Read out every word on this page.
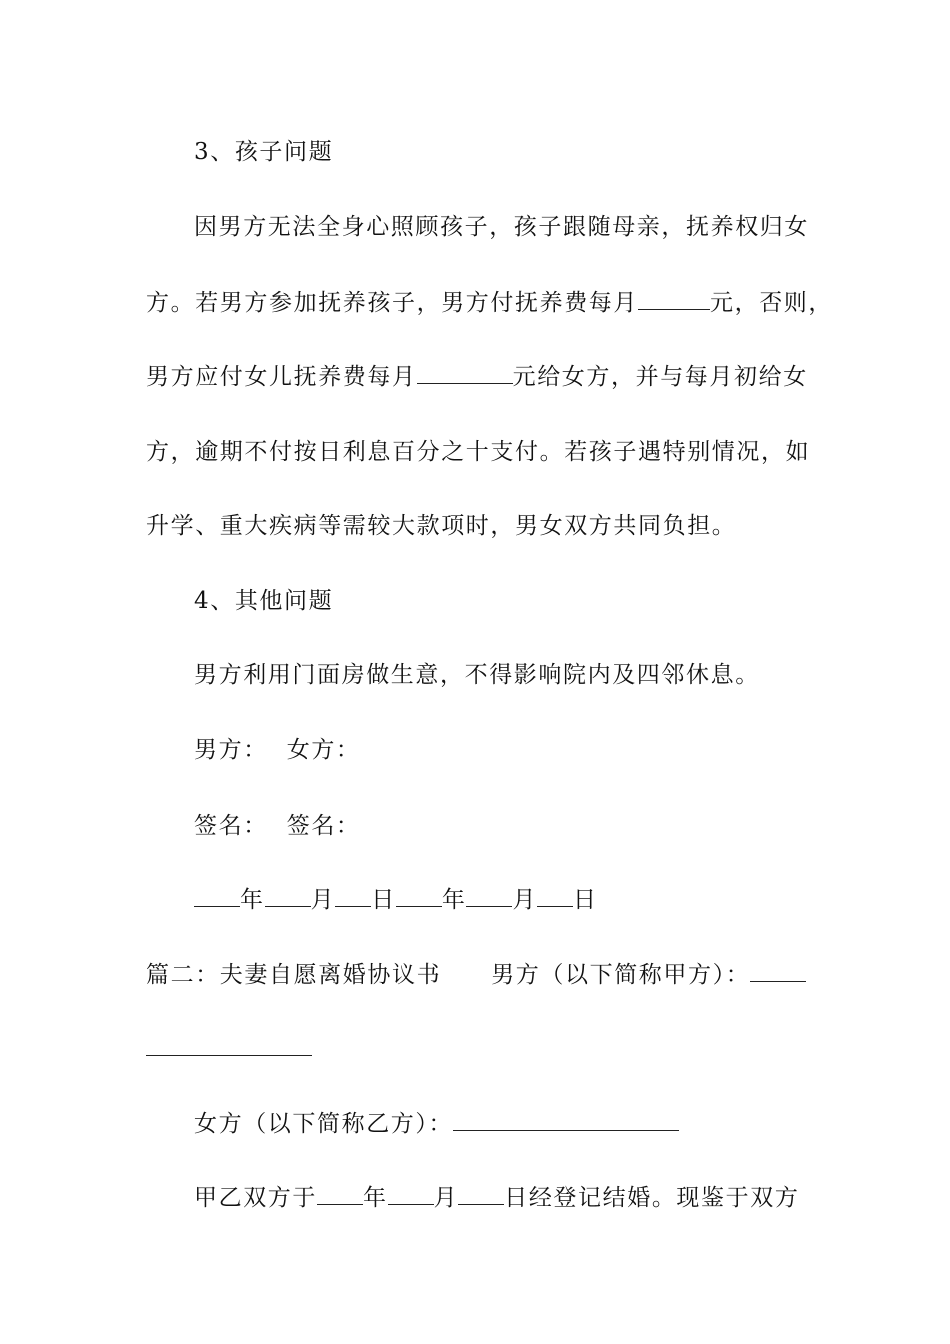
3、孩子问题
因男方无法全身心照顾孩子，孩子跟随母亲，抚养权归女
方。若男方参加抚养孩子，男方付抚养费每月	元，否则，
男方应付女儿抚养费每月	元给女方，并与每月初给女
方，逾期不付按日利息百分之十支付。若孩子遇特别情况，如
升学、重大疾病等需较大款项时，男女双方共同负担。
4、其他问题
男方利用门面房做生意，不得影响院内及四邻休息。
男方： 女方：
签名： 签名：
年 月 日 年 月 日
篇二：夫妻自愿离婚协议书 男方（以下简称甲方）：
女方（以下简称乙方）：
甲乙双方于 年 月 日经登记结婚。现鉴于双方
